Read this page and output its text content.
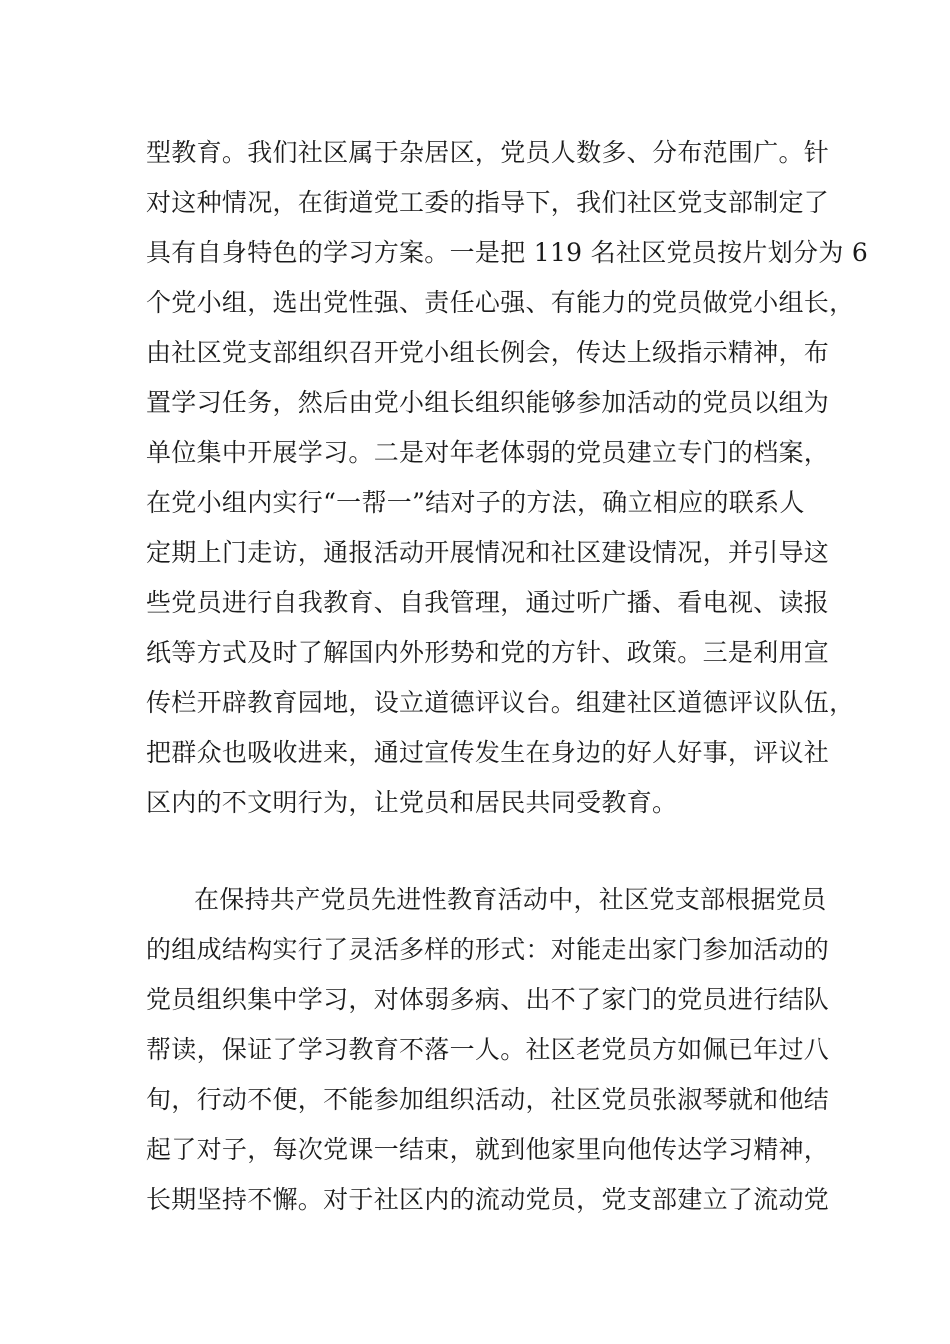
型教育。我们社区属于杂居区，党员人数多、分布范围广。针
对这种情况，在街道党工委的指导下，我们社区党支部制定了
具有自身特色的学习方案。一是把 119 名社区党员按片划分为 6
个党小组，选出党性强、责任心强、有能力的党员做党小组长，
由社区党支部组织召开党小组长例会，传达上级指示精神，布
置学习任务，然后由党小组长组织能够参加活动的党员以组为
单位集中开展学习。二是对年老体弱的党员建立专门的档案，
在党小组内实行“一帮一”结对子的方法，确立相应的联系人
定期上门走访，通报活动开展情况和社区建设情况，并引导这
些党员进行自我教育、自我管理，通过听广播、看电视、读报
纸等方式及时了解国内外形势和党的方针、政策。三是利用宣
传栏开辟教育园地，设立道德评议台。组建社区道德评议队伍，
把群众也吸收进来，通过宣传发生在身边的好人好事，评议社
区内的不文明行为，让党员和居民共同受教育。
在保持共产党员先进性教育活动中，社区党支部根据党员
的组成结构实行了灵活多样的形式：对能走出家门参加活动的
党员组织集中学习，对体弱多病、出不了家门的党员进行结队
帮读，保证了学习教育不落一人。社区老党员方如佩已年过八
旬，行动不便，不能参加组织活动，社区党员张淑琴就和他结
起了对子，每次党课一结束，就到他家里向他传达学习精神，
长期坚持不懈。对于社区内的流动党员，党支部建立了流动党
